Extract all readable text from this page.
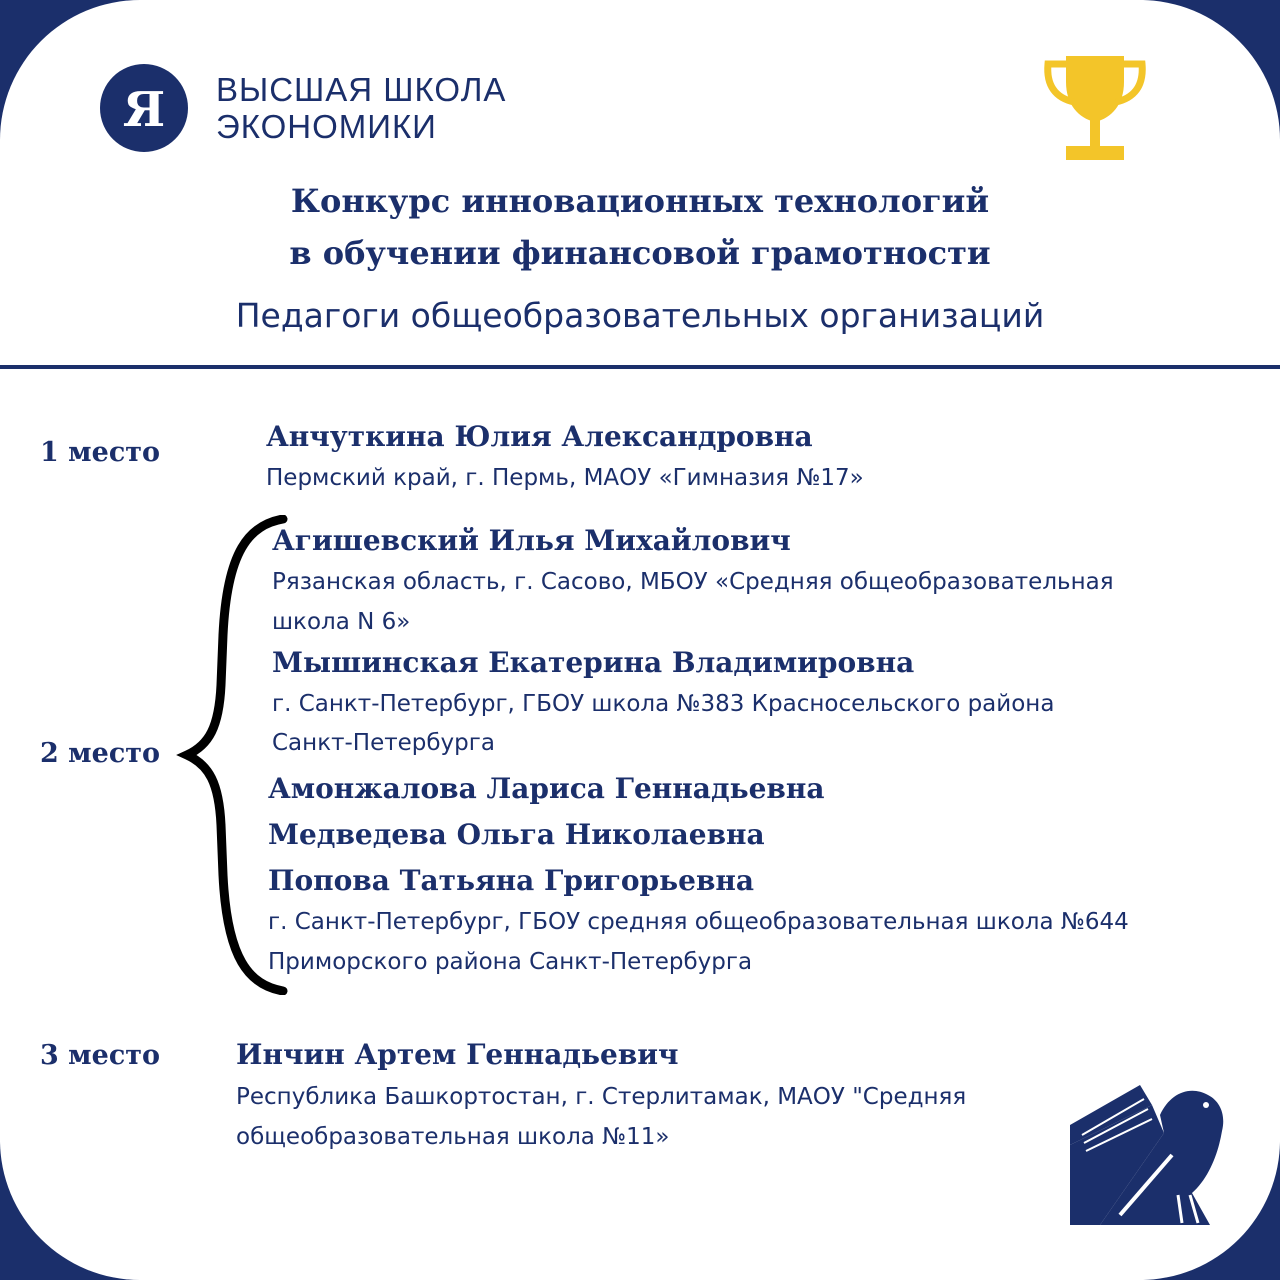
Я ВЫСШАЯ ШКОЛА
ЭКОНОМИКИ
Конкурс инновационных технологий
в обучении финансовой грамотности
Педагоги общеобразовательных организаций
1 место	Анчуткина Юлия Александровна
Пермский край, г. Пермь, МАОУ «Гимназия №17»
2 место
Агишевский Илья Михайлович
Рязанская область, г. Сасово, МБОУ «Средняя общеобразовательная
школа N 6»
Мышинская Екатерина Владимировна
г. Санкт-Петербург, ГБОУ школа №383 Красносельского района
Санкт-Петербурга
Амонжалова Лариса Геннадьевна
Медведева Ольга Николаевна
Попова Татьяна Григорьевна
г. Санкт-Петербург, ГБОУ средняя общеобразовательная школа №644
Приморского района Санкт-Петербурга
3 место	Инчин Артем Геннадьевич
Республика Башкортостан, г. Стерлитамак, МАОУ "Средняя
общеобразовательная школа №11»
